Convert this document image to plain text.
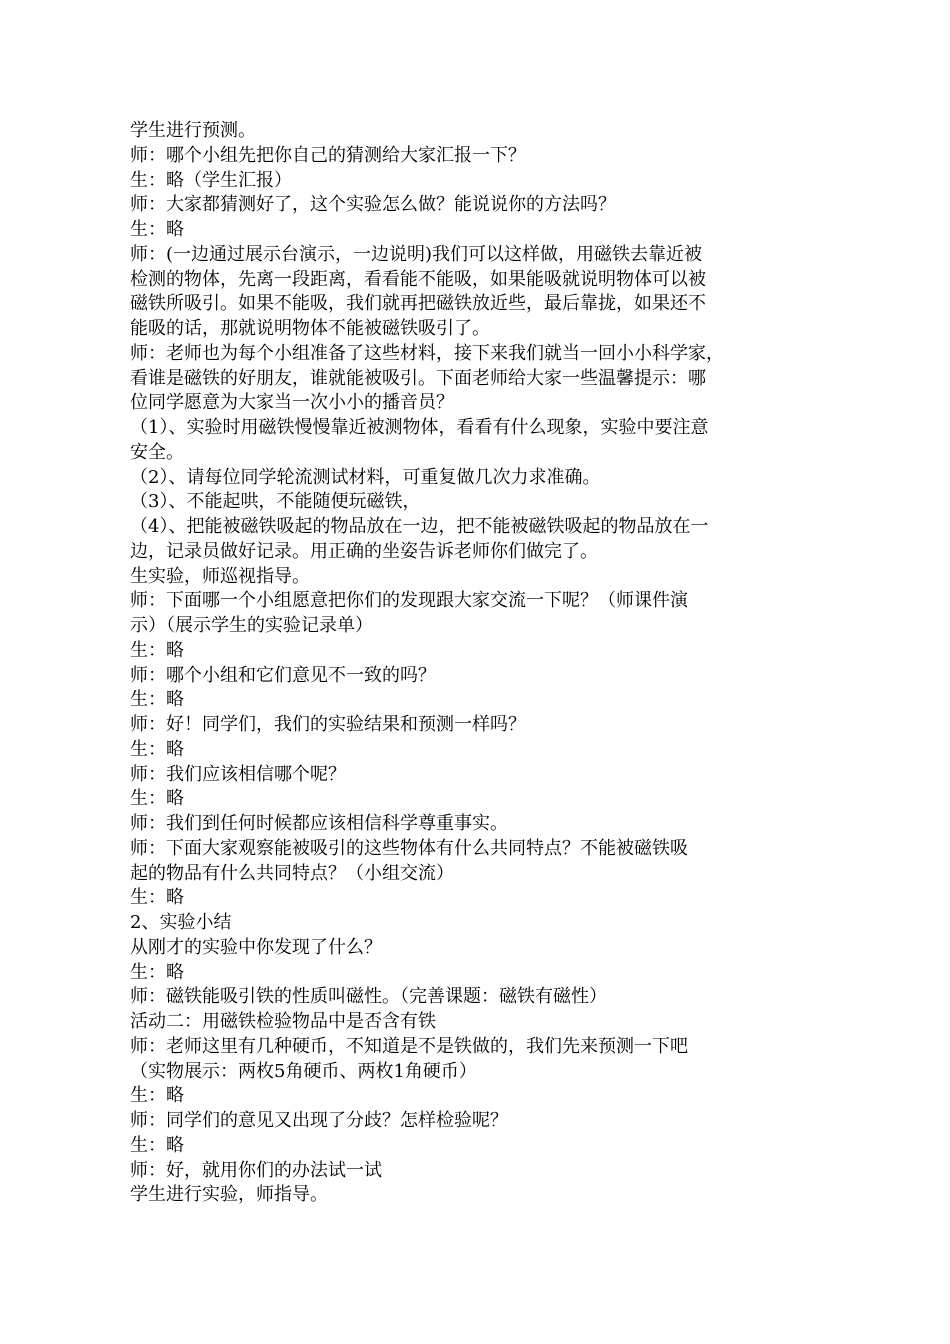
学生进行预测。
师：哪个小组先把你自己的猜测给大家汇报一下？
生：略（学生汇报）
师：大家都猜测好了，这个实验怎么做？能说说你的方法吗？
生：略
师：(一边通过展示台演示，一边说明)我们可以这样做，用磁铁去靠近被
检测的物体，先离一段距离，看看能不能吸，如果能吸就说明物体可以被
磁铁所吸引。如果不能吸，我们就再把磁铁放近些，最后靠拢，如果还不
能吸的话，那就说明物体不能被磁铁吸引了。
师：老师也为每个小组准备了这些材料，接下来我们就当一回小小科学家，
看谁是磁铁的好朋友，谁就能被吸引。下面老师给大家一些温馨提示：哪
位同学愿意为大家当一次小小的播音员？
（1）、实验时用磁铁慢慢靠近被测物体，看看有什么现象，实验中要注意
安全。
（2）、请每位同学轮流测试材料，可重复做几次力求准确。
（3）、不能起哄，不能随便玩磁铁，
（4）、把能被磁铁吸起的物品放在一边，把不能被磁铁吸起的物品放在一
边，记录员做好记录。用正确的坐姿告诉老师你们做完了。
生实验，师巡视指导。
师：下面哪一个小组愿意把你们的发现跟大家交流一下呢？（师课件演
示）（展示学生的实验记录单）
生：略
师：哪个小组和它们意见不一致的吗？
生：略
师：好！同学们，我们的实验结果和预测一样吗？
生：略
师：我们应该相信哪个呢？
生：略
师：我们到任何时候都应该相信科学尊重事实。
师：下面大家观察能被吸引的这些物体有什么共同特点？不能被磁铁吸
起的物品有什么共同特点？（小组交流）
生：略
2、实验小结
从刚才的实验中你发现了什么？
生：略
师：磁铁能吸引铁的性质叫磁性。（完善课题：磁铁有磁性）
活动二：用磁铁检验物品中是否含有铁
师：老师这里有几种硬币，不知道是不是铁做的，我们先来预测一下吧
（实物展示：两枚5角硬币、两枚1角硬币）
生：略
师：同学们的意见又出现了分歧？怎样检验呢？
生：略
师：好，就用你们的办法试一试
学生进行实验，师指导。
